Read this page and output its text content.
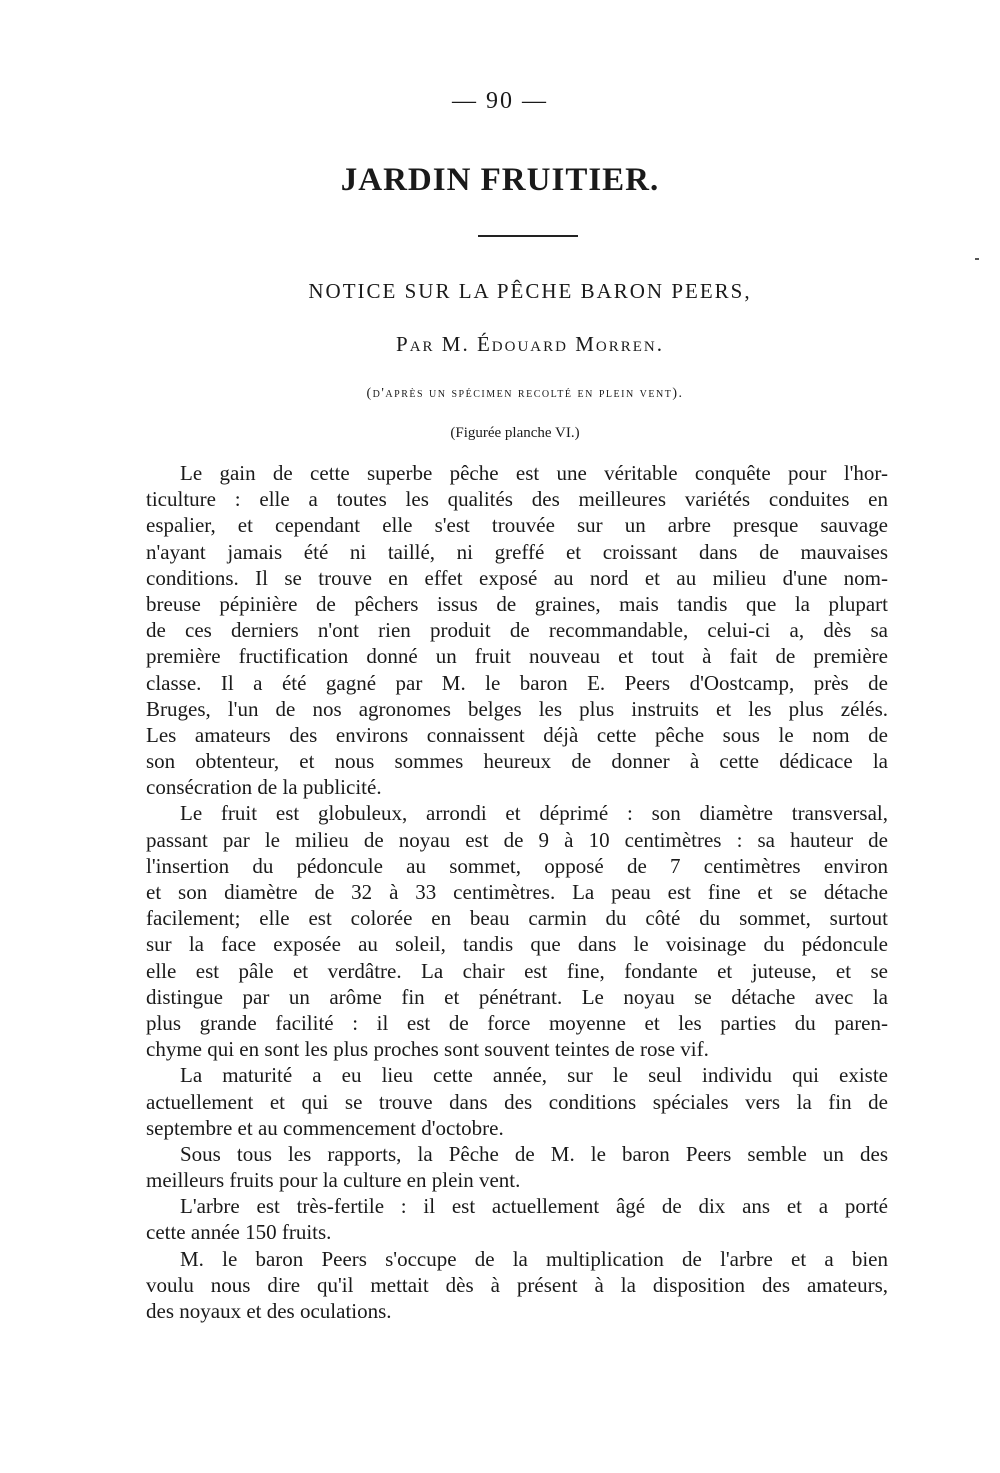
— 90 —
JARDIN FRUITIER.
NOTICE SUR LA PÊCHE BARON PEERS,
Par M. Édouard Morren.
(d'après un spécimen recolté en plein vent).
(Figurée planche VI.)
Le gain de cette superbe pêche est une véritable conquête pour l'hor-
ticulture : elle a toutes les qualités des meilleures variétés conduites en
espalier, et cependant elle s'est trouvée sur un arbre presque sauvage
n'ayant jamais été ni taillé, ni greffé et croissant dans de mauvaises
conditions. Il se trouve en effet exposé au nord et au milieu d'une nom-
breuse pépinière de pêchers issus de graines, mais tandis que la plupart
de ces derniers n'ont rien produit de recommandable, celui-ci a, dès sa
première fructification donné un fruit nouveau et tout à fait de première
classe. Il a été gagné par M. le baron E. Peers d'Oostcamp, près de
Bruges, l'un de nos agronomes belges les plus instruits et les plus zélés.
Les amateurs des environs connaissent déjà cette pêche sous le nom de
son obtenteur, et nous sommes heureux de donner à cette dédicace la
consécration de la publicité.
Le fruit est globuleux, arrondi et déprimé : son diamètre transversal,
passant par le milieu de noyau est de 9 à 10 centimètres : sa hauteur de
l'insertion du pédoncule au sommet, opposé de 7 centimètres environ
et son diamètre de 32 à 33 centimètres. La peau est fine et se détache
facilement; elle est colorée en beau carmin du côté du sommet, surtout
sur la face exposée au soleil, tandis que dans le voisinage du pédoncule
elle est pâle et verdâtre. La chair est fine, fondante et juteuse, et se
distingue par un arôme fin et pénétrant. Le noyau se détache avec la
plus grande facilité : il est de force moyenne et les parties du paren-
chyme qui en sont les plus proches sont souvent teintes de rose vif.
La maturité a eu lieu cette année, sur le seul individu qui existe
actuellement et qui se trouve dans des conditions spéciales vers la fin de
septembre et au commencement d'octobre.
Sous tous les rapports, la Pêche de M. le baron Peers semble un des
meilleurs fruits pour la culture en plein vent.
L'arbre est très-fertile : il est actuellement âgé de dix ans et a porté
cette année 150 fruits.
M. le baron Peers s'occupe de la multiplication de l'arbre et a bien
voulu nous dire qu'il mettait dès à présent à la disposition des amateurs,
des noyaux et des oculations.
